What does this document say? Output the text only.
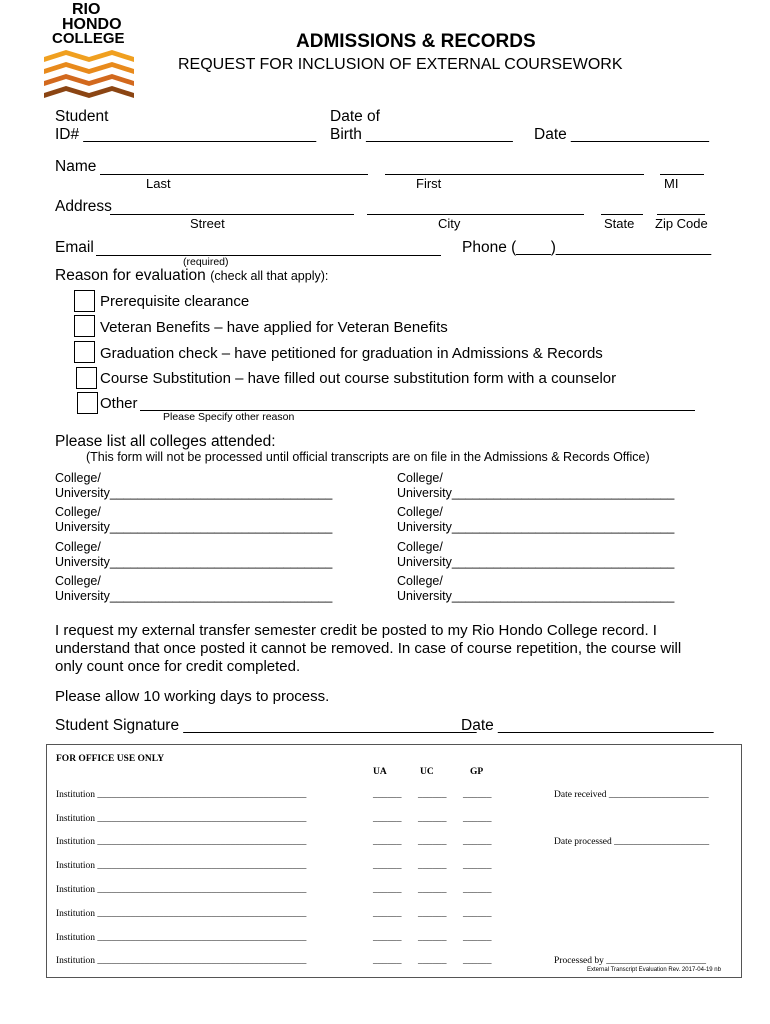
RIO
HONDO
COLLEGE	ADMISSIONS & RECORDS
REQUEST FOR INCLUSION OF EXTERNAL COURSEWORK
Student
ID# ___________________________
Date of
Birth _________________ Date ________________
Name
Last	First	MI
Address
Street	City	State Zip Code
Email
(required)
Phone (____)__________________
Reason for evaluation (check all that apply):
Prerequisite clearance
Veteran Benefits – have applied for Veteran Benefits
Graduation check – have petitioned for graduation in Admissions & Records
Course Substitution – have filled out course substitution form with a counselor
Other
Please Specify other reason
Please list all colleges attended:
(This form will not be processed until official transcripts are on file in the Admissions & Records Office)
College/
University________________________________
College/
University________________________________
College/
University________________________________
College/
University________________________________
College/
University________________________________
College/
University________________________________
College/
University________________________________
College/
University________________________________
I request my external transfer semester credit be posted to my Rio Hondo College record. I
understand that once posted it cannot be removed. In case of course repetition, the course will
only count once for credit completed.
Please allow 10 working days to process.
Student Signature __________________________________
Date _________________________
FOR OFFICE USE ONLY
UA	UC	GP
Institution ____________________________________________	______ ______ ______
Institution ____________________________________________	______ ______ ______
Institution ____________________________________________	______ ______ ______
Institution ____________________________________________	______ ______ ______
Institution ____________________________________________	______ ______ ______
Institution ____________________________________________	______ ______ ______
Institution ____________________________________________	______ ______ ______
Institution ____________________________________________	______ ______ ______
Date received _____________________
Date processed ____________________
Processed by _____________________
External Transcript Evaluation Rev. 2017-04-19 nb
